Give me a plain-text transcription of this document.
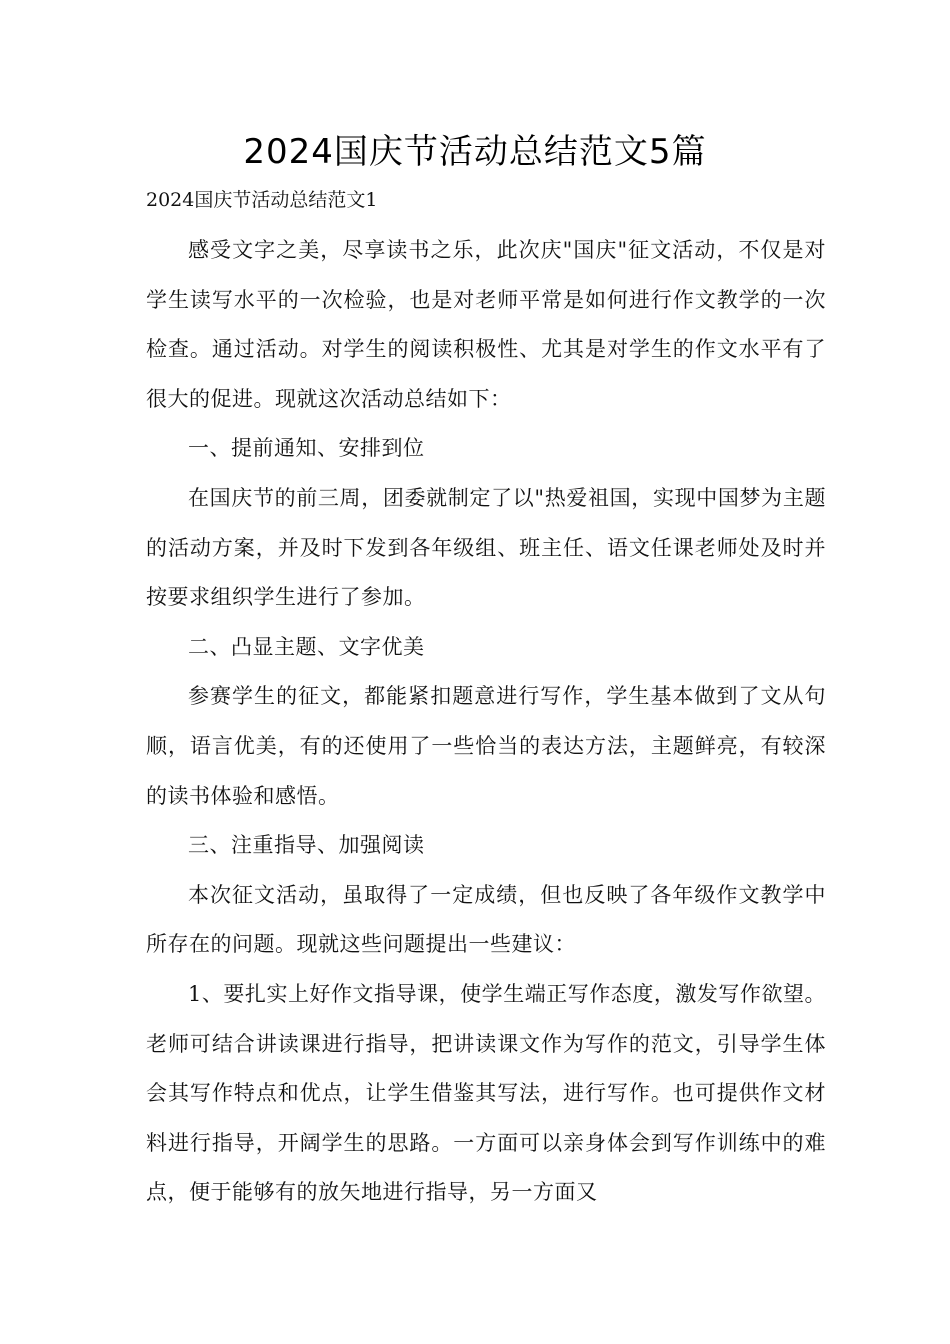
2024国庆节活动总结范文5篇
2024国庆节活动总结范文1

感受文字之美，尽享读书之乐，此次庆"国庆"征文活动，不仅是对学生读写水平的一次检验，也是对老师平常是如何进行作文教学的一次检查。通过活动。对学生的阅读积极性、尤其是对学生的作文水平有了很大的促进。现就这次活动总结如下：

一、提前通知、安排到位

在国庆节的前三周，团委就制定了以"热爱祖国，实现中国梦为主题的活动方案，并及时下发到各年级组、班主任、语文任课老师处及时并按要求组织学生进行了参加。

二、凸显主题、文字优美

参赛学生的征文，都能紧扣题意进行写作，学生基本做到了文从句顺，语言优美，有的还使用了一些恰当的表达方法，主题鲜亮，有较深的读书体验和感悟。

三、注重指导、加强阅读

本次征文活动，虽取得了一定成绩，但也反映了各年级作文教学中所存在的问题。现就这些问题提出一些建议：

1、要扎实上好作文指导课，使学生端正写作态度，激发写作欲望。老师可结合讲读课进行指导，把讲读课文作为写作的范文，引导学生体会其写作特点和优点，让学生借鉴其写法，进行写作。也可提供作文材料进行指导，开阔学生的思路。一方面可以亲身体会到写作训练中的难点，便于能够有的放矢地进行指导，另一方面又
